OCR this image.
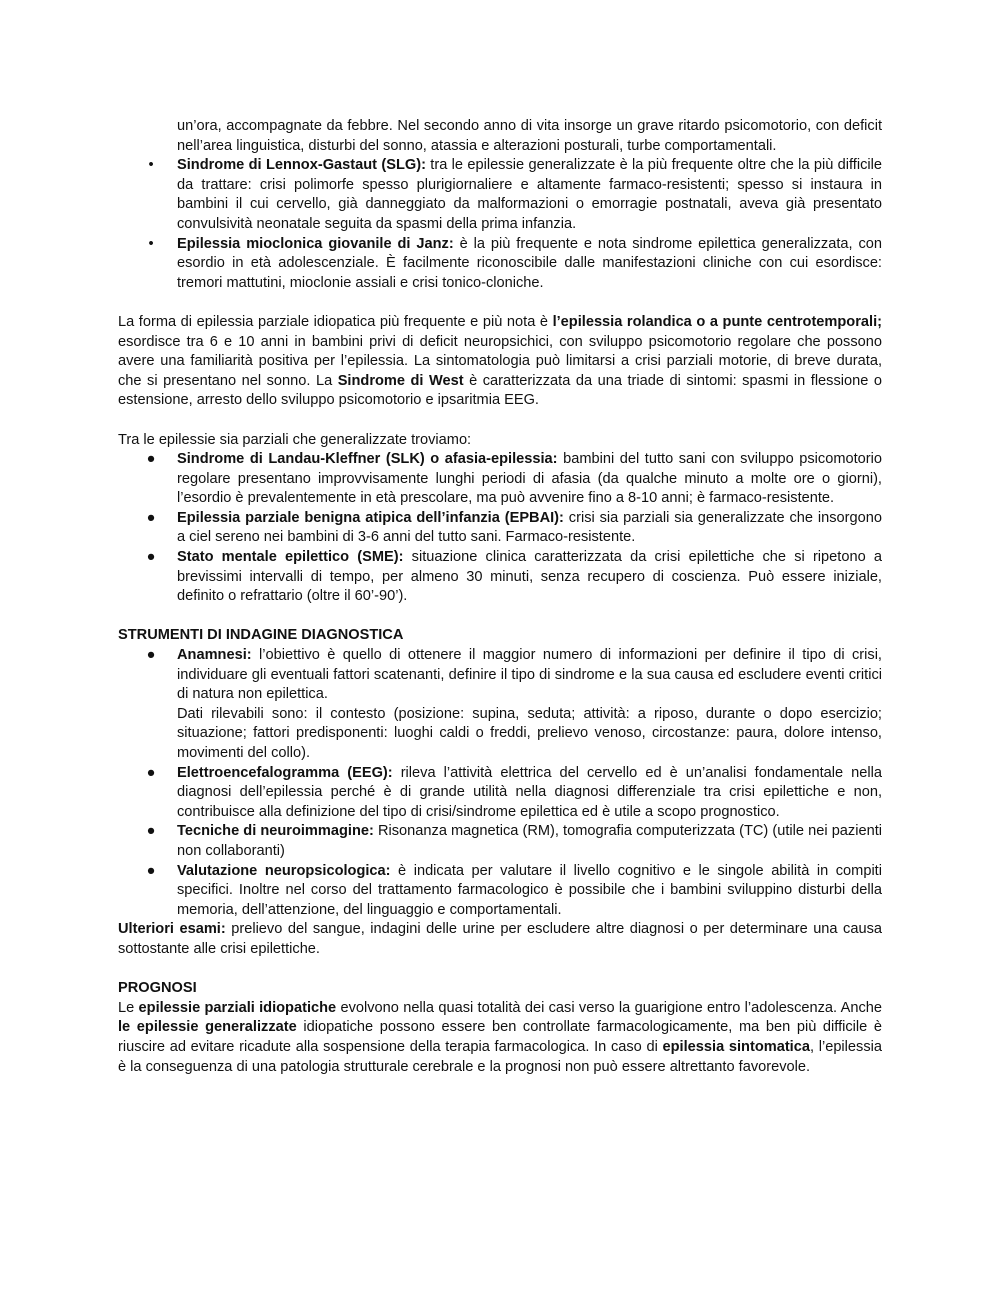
un’ora, accompagnate da febbre. Nel secondo anno di vita insorge un grave ritardo psicomotorio, con deficit nell’area linguistica, disturbi del sonno, atassia e alterazioni posturali, turbe comportamentali.

•	Sindrome di Lennox-Gastaut (SLG): tra le epilessie generalizzate è la più frequente oltre che la più difficile da trattare: crisi polimorfe spesso plurigiornaliere e altamente farmaco-resistenti; spesso si instaura in bambini il cui cervello, già danneggiato da malformazioni o emorragie postnatali, aveva già presentato convulsività neonatale seguita da spasmi della prima infanzia.
•	Epilessia mioclonica giovanile di Janz: è la più frequente e nota sindrome epilettica generalizzata, con esordio in età adolescenziale. È facilmente riconoscibile dalle manifestazioni cliniche con cui esordisce: tremori mattutini, mioclonie assiali e crisi tonico-cloniche.

La forma di epilessia parziale idiopatica più frequente e più nota è l’epilessia rolandica o a punte centrotemporali; esordisce tra 6 e 10 anni in bambini privi di deficit neuropsichici, con sviluppo psicomotorio regolare che possono avere una familiarità positiva per l’epilessia. La sintomatologia può limitarsi a crisi parziali motorie, di breve durata, che si presentano nel sonno. La Sindrome di West è caratterizzata da una triade di sintomi: spasmi in flessione o estensione, arresto dello sviluppo psicomotorio e ipsaritmia EEG.

Tra le epilessie sia parziali che generalizzate troviamo:

● Sindrome di Landau-Kleffner (SLK) o afasia-epilessia: bambini del tutto sani con sviluppo psicomotorio regolare presentano improvvisamente lunghi periodi di afasia (da qualche minuto a molte ore o giorni), l’esordio è prevalentemente in età prescolare, ma può avvenire fino a 8-10 anni; è farmaco-resistente.
● Epilessia parziale benigna atipica dell’infanzia (EPBAI): crisi sia parziali sia generalizzate che insorgono a ciel sereno nei bambini di 3-6 anni del tutto sani. Farmaco-resistente.
● Stato mentale epilettico (SME): situazione clinica caratterizzata da crisi epilettiche che si ripetono a brevissimi intervalli di tempo, per almeno 30 minuti, senza recupero di coscienza. Può essere iniziale, definito o refrattario (oltre il 60’-90’).

STRUMENTI DI INDAGINE DIAGNOSTICA

● Anamnesi: l’obiettivo è quello di ottenere il maggior numero di informazioni per definire il tipo di crisi, individuare gli eventuali fattori scatenanti, definire il tipo di sindrome e la sua causa ed escludere eventi critici di natura non epilettica.
Dati rilevabili sono: il contesto (posizione: supina, seduta; attività: a riposo, durante o dopo esercizio; situazione; fattori predisponenti: luoghi caldi o freddi, prelievo venoso, circostanze: paura, dolore intenso, movimenti del collo).
● Elettroencefalogramma (EEG): rileva l’attività elettrica del cervello ed è un’analisi fondamentale nella diagnosi dell’epilessia perché è di grande utilità nella diagnosi differenziale tra crisi epilettiche e non, contribuisce alla definizione del tipo di crisi/sindrome epilettica ed è utile a scopo prognostico.
● Tecniche di neuroimmagine: Risonanza magnetica (RM), tomografia computerizzata (TC) (utile nei pazienti non collaboranti)
● Valutazione neuropsicologica: è indicata per valutare il livello cognitivo e le singole abilità in compiti specifici. Inoltre nel corso del trattamento farmacologico è possibile che i bambini sviluppino disturbi della memoria, dell’attenzione, del linguaggio e comportamentali.

Ulteriori esami: prelievo del sangue, indagini delle urine per escludere altre diagnosi o per determinare una causa sottostante alle crisi epilettiche.

PROGNOSI

Le epilessie parziali idiopatiche evolvono nella quasi totalità dei casi verso la guarigione entro l’adolescenza. Anche le epilessie generalizzate idiopatiche possono essere ben controllate farmacologicamente, ma ben più difficile è riuscire ad evitare ricadute alla sospensione della terapia farmacologica. In caso di epilessia sintomatica, l’epilessia è la conseguenza di una patologia strutturale cerebrale e la prognosi non può essere altrettanto favorevole.
